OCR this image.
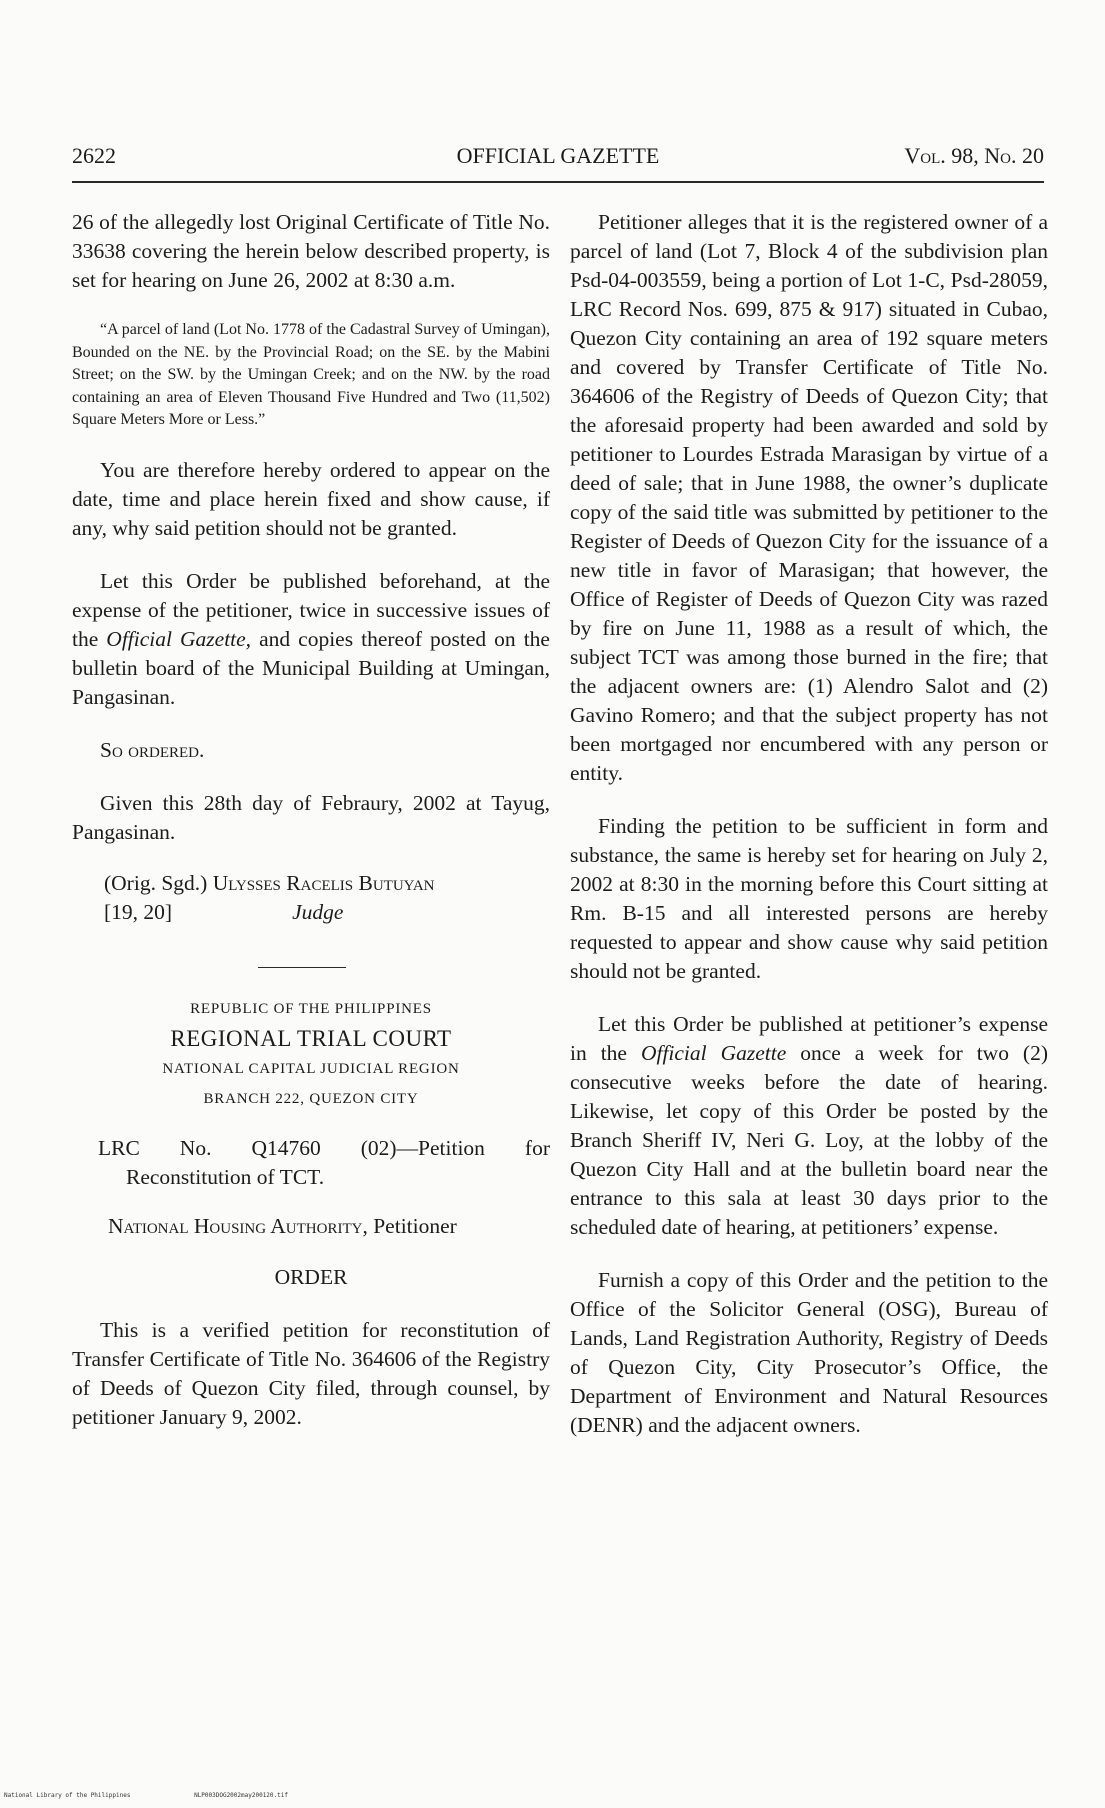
2622	OFFICIAL GAZETTE	Vol. 98, No. 20

26 of the allegedly lost Original Certificate of Title No. 33638 covering the herein below described property, is set for hearing on June 26, 2002 at 8:30 a.m.

“A parcel of land (Lot No. 1778 of the Cadastral Survey of Umingan), Bounded on the NE. by the Provincial Road; on the SE. by the Mabini Street; on the SW. by the Umingan Creek; and on the NW. by the road containing an area of Eleven Thousand Five Hundred and Two (11,502) Square Meters More or Less.”

You are therefore hereby ordered to appear on the date, time and place herein fixed and show cause, if any, why said petition should not be granted.

Let this Order be published beforehand, at the expense of the petitioner, twice in successive issues of the Official Gazette, and copies thereof posted on the bulletin board of the Municipal Building at Umingan, Pangasinan.

So ordered.

Given this 28th day of Febraury, 2002 at Tayug, Pangasinan.

(Orig. Sgd.) Ulysses Racelis Butuyan
[19, 20]	Judge

REPUBLIC OF THE PHILIPPINES

REGIONAL TRIAL COURT

NATIONAL CAPITAL JUDICIAL REGION

BRANCH 222, QUEZON CITY

LRC No. Q14760 (02)—Petition for
Reconstitution of TCT.

National Housing Authority, Petitioner

ORDER

This is a verified petition for reconstitution of Transfer Certificate of Title No. 364606 of the Registry of Deeds of Quezon City filed, through counsel, by petitioner January 9, 2002.

Petitioner alleges that it is the registered owner of a parcel of land (Lot 7, Block 4 of the subdivision plan Psd-04-003559, being a portion of Lot 1-C, Psd-28059, LRC Record Nos. 699, 875 & 917) situated in Cubao, Quezon City containing an area of 192 square meters and covered by Transfer Certificate of Title No. 364606 of the Registry of Deeds of Quezon City; that the aforesaid property had been awarded and sold by petitioner to Lourdes Estrada Marasigan by virtue of a deed of sale; that in June 1988, the owner’s duplicate copy of the said title was submitted by petitioner to the Register of Deeds of Quezon City for the issuance of a new title in favor of Marasigan; that however, the Office of Register of Deeds of Quezon City was razed by fire on June 11, 1988 as a result of which, the subject TCT was among those burned in the fire; that the adjacent owners are: (1) Alendro Salot and (2) Gavino Romero; and that the subject property has not been mortgaged nor encumbered with any person or entity.

Finding the petition to be sufficient in form and substance, the same is hereby set for hearing on July 2, 2002 at 8:30 in the morning before this Court sitting at Rm. B-15 and all interested persons are hereby requested to appear and show cause why said petition should not be granted.

Let this Order be published at petitioner’s expense in the Official Gazette once a week for two (2) consecutive weeks before the date of hearing. Likewise, let copy of this Order be posted by the Branch Sheriff IV, Neri G. Loy, at the lobby of the Quezon City Hall and at the bulletin board near the entrance to this sala at least 30 days prior to the scheduled date of hearing, at petitioners’ expense.

Furnish a copy of this Order and the petition to the Office of the Solicitor General (OSG), Bureau of Lands, Land Registration Authority, Registry of Deeds of Quezon City, City Prosecutor’s Office, the Department of Environment and Natural Resources (DENR) and the adjacent owners.

National Library of the Philippines	NLP003DOG2002may200120.tif
